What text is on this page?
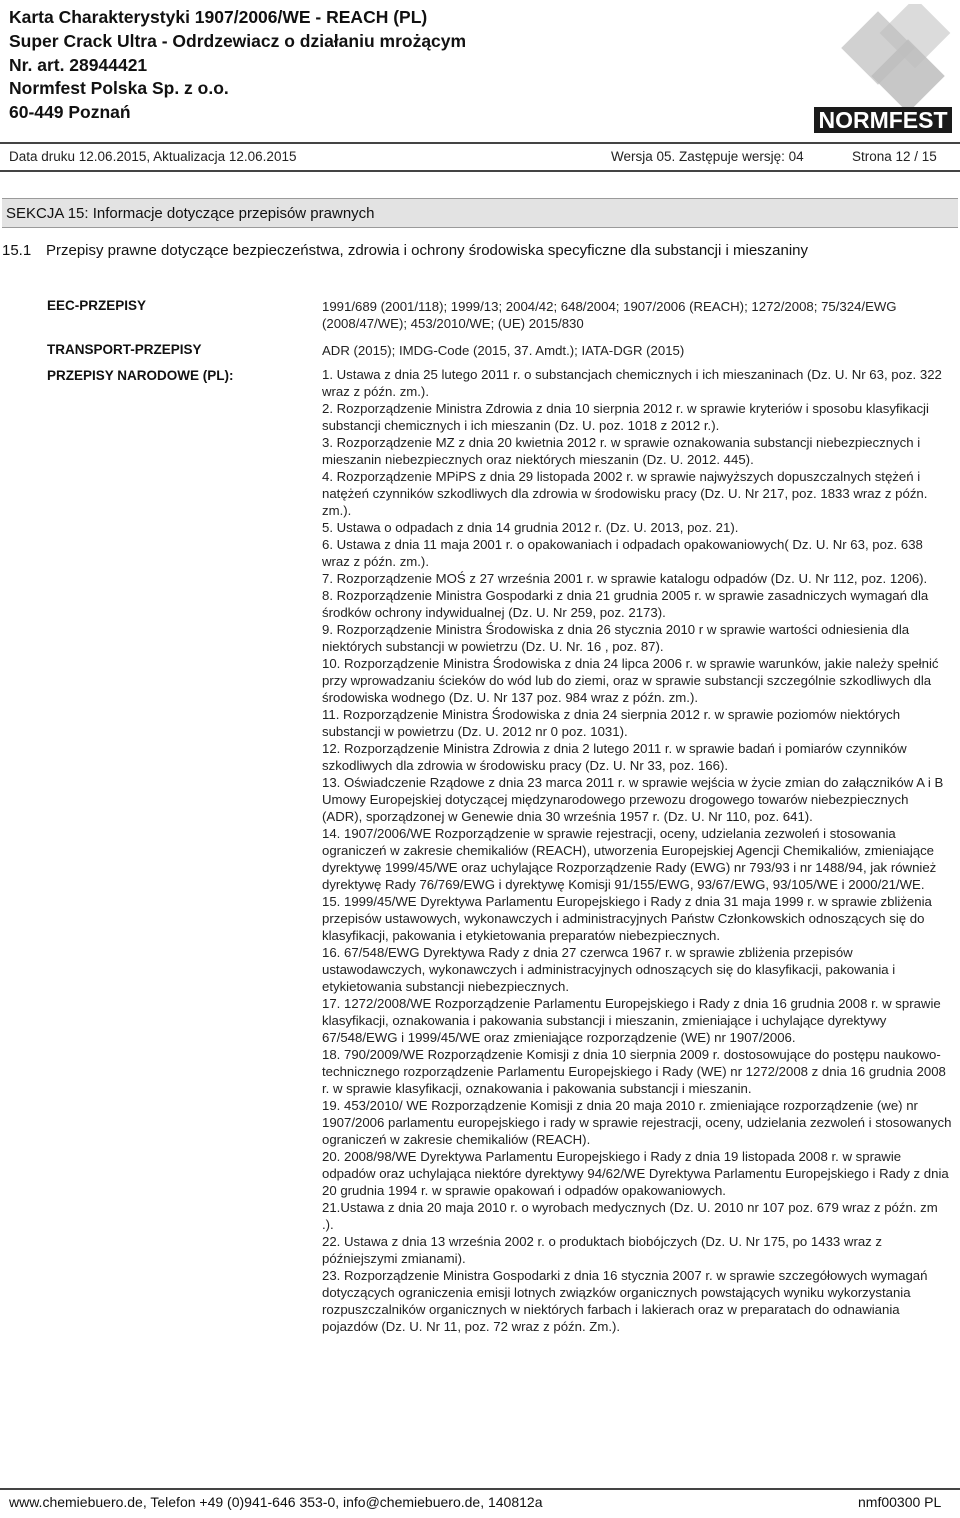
Karta Charakterystyki 1907/2006/WE - REACH (PL)
Super Crack Ultra - Odrdzewiacz o działaniu mrożącym
Nr. art. 28944421
Normfest Polska Sp. z o.o.
60-449 Poznań	NORMFEST
Data druku 12.06.2015, Aktualizacja 12.06.2015	Wersja 05. Zastępuje wersję: 04	Strona 12 / 15
SEKCJA 15: Informacje dotyczące przepisów prawnych
15.1 Przepisy prawne dotyczące bezpieczeństwa, zdrowia i ochrony środowiska specyficzne dla substancji i mieszaniny
EEC-PRZEPISY	1991/689 (2001/118); 1999/13; 2004/42; 648/2004; 1907/2006 (REACH); 1272/2008; 75/324/EWG (2008/47/WE); 453/2010/WE; (UE) 2015/830
TRANSPORT-PRZEPISY	ADR (2015); IMDG-Code (2015, 37. Amdt.); IATA-DGR (2015)
PRZEPISY NARODOWE (PL):	1. Ustawa z dnia 25 lutego 2011 r. o substancjach chemicznych i ich mieszaninach (Dz. U. Nr 63, poz. 322 wraz z późn. zm.).

2. Rozporządzenie Ministra Zdrowia z dnia 10 sierpnia 2012 r. w sprawie kryteriów i sposobu klasyfikacji substancji chemicznych i ich mieszanin (Dz. U. poz. 1018 z 2012 r.).

3. Rozporządzenie MZ z dnia 20 kwietnia 2012 r. w sprawie oznakowania substancji niebezpiecznych i mieszanin niebezpiecznych oraz niektórych mieszanin (Dz. U. 2012. 445).

4. Rozporządzenie MPiPS z dnia 29 listopada 2002 r. w sprawie najwyższych dopuszczalnych stężeń i natężeń czynników szkodliwych dla zdrowia w środowisku pracy (Dz. U. Nr 217, poz. 1833 wraz z późn. zm.).

5. Ustawa o odpadach z dnia 14 grudnia 2012 r. (Dz. U. 2013, poz. 21).

6. Ustawa z dnia 11 maja 2001 r. o opakowaniach i odpadach opakowaniowych( Dz. U. Nr 63, poz. 638 wraz z późn. zm.).

7. Rozporządzenie MOŚ z 27 września 2001 r. w sprawie katalogu odpadów (Dz. U. Nr 112, poz. 1206).

8. Rozporządzenie Ministra Gospodarki z dnia 21 grudnia 2005 r. w sprawie zasadniczych wymagań dla środków ochrony indywidualnej (Dz. U. Nr 259, poz. 2173).

9. Rozporządzenie Ministra Środowiska z dnia 26 stycznia 2010 r w sprawie wartości odniesienia dla niektórych substancji w powietrzu (Dz. U. Nr. 16 , poz. 87).

10. Rozporządzenie Ministra Środowiska z dnia 24 lipca 2006 r. w sprawie warunków, jakie należy spełnić przy wprowadzaniu ścieków do wód lub do ziemi, oraz w sprawie substancji szczególnie szkodliwych dla środowiska wodnego (Dz. U. Nr 137 poz. 984 wraz z późn. zm.).

11. Rozporządzenie Ministra Środowiska z dnia 24 sierpnia 2012 r. w sprawie poziomów niektórych substancji w powietrzu (Dz. U. 2012 nr 0 poz. 1031).

12. Rozporządzenie Ministra Zdrowia z dnia 2 lutego 2011 r. w sprawie badań i pomiarów czynników szkodliwych dla zdrowia w środowisku pracy (Dz. U. Nr 33, poz. 166).

13. Oświadczenie Rządowe z dnia 23 marca 2011 r. w sprawie wejścia w życie zmian do załączników A i B Umowy Europejskiej dotyczącej międzynarodowego przewozu drogowego towarów niebezpiecznych (ADR), sporządzonej w Genewie dnia 30 września 1957 r. (Dz. U. Nr 110, poz. 641).

14. 1907/2006/WE Rozporządzenie w sprawie rejestracji, oceny, udzielania zezwoleń i stosowania ograniczeń w zakresie chemikaliów (REACH), utworzenia Europejskiej Agencji Chemikaliów, zmieniające dyrektywę 1999/45/WE oraz uchylające Rozporządzenie Rady (EWG) nr 793/93 i nr 1488/94, jak również dyrektywę Rady 76/769/EWG i dyrektywę Komisji 91/155/EWG, 93/67/EWG, 93/105/WE i 2000/21/WE.

15. 1999/45/WE Dyrektywa Parlamentu Europejskiego i Rady z dnia 31 maja 1999 r. w sprawie zbliżenia przepisów ustawowych, wykonawczych i administracyjnych Państw Członkowskich odnoszących się do klasyfikacji, pakowania i etykietowania preparatów niebezpiecznych.

16. 67/548/EWG Dyrektywa Rady z dnia 27 czerwca 1967 r. w sprawie zbliżenia przepisów ustawodawczych, wykonawczych i administracyjnych odnoszących się do klasyfikacji, pakowania i etykietowania substancji niebezpiecznych.

17. 1272/2008/WE Rozporządzenie Parlamentu Europejskiego i Rady z dnia 16 grudnia 2008 r. w sprawie klasyfikacji, oznakowania i pakowania substancji i mieszanin, zmieniające i uchylające dyrektywy 67/548/EWG i 1999/45/WE oraz zmieniające rozporządzenie (WE) nr 1907/2006.

18. 790/2009/WE Rozporządzenie Komisji z dnia 10 sierpnia 2009 r. dostosowujące do postępu naukowo-technicznego rozporządzenie Parlamentu Europejskiego i Rady (WE) nr 1272/2008 z dnia 16 grudnia 2008 r. w sprawie klasyfikacji, oznakowania i pakowania substancji i mieszanin.

19. 453/2010/ WE Rozporządzenie Komisji z dnia 20 maja 2010 r. zmieniające rozporządzenie (we) nr 1907/2006 parlamentu europejskiego i rady w sprawie rejestracji, oceny, udzielania zezwoleń i stosowanych ograniczeń w zakresie chemikaliów (REACH).

20. 2008/98/WE Dyrektywa Parlamentu Europejskiego i Rady z dnia 19 listopada 2008 r. w sprawie odpadów oraz uchylająca niektóre dyrektywy 94/62/WE Dyrektywa Parlamentu Europejskiego i Rady z dnia 20 grudnia 1994 r. w sprawie opakowań i odpadów opakowaniowych.

21.Ustawa z dnia 20 maja 2010 r. o wyrobach medycznych (Dz. U. 2010 nr 107 poz. 679 wraz z późn. zm .).

22. Ustawa z dnia 13 września 2002 r. o produktach biobójczych (Dz. U. Nr 175, po 1433 wraz z późniejszymi zmianami).

23. Rozporządzenie Ministra Gospodarki z dnia 16 stycznia 2007 r. w sprawie szczegółowych wymagań dotyczących ograniczenia emisji lotnych związków organicznych powstających wyniku wykorzystania rozpuszczalników organicznych w niektórych farbach i lakierach oraz w preparatach do odnawiania pojazdów (Dz. U. Nr 11, poz. 72 wraz z późn. Zm.).

www.chemiebuero.de, Telefon +49 (0)941-646 353-0, info@chemiebuero.de, 140812a	nmf00300 PL
